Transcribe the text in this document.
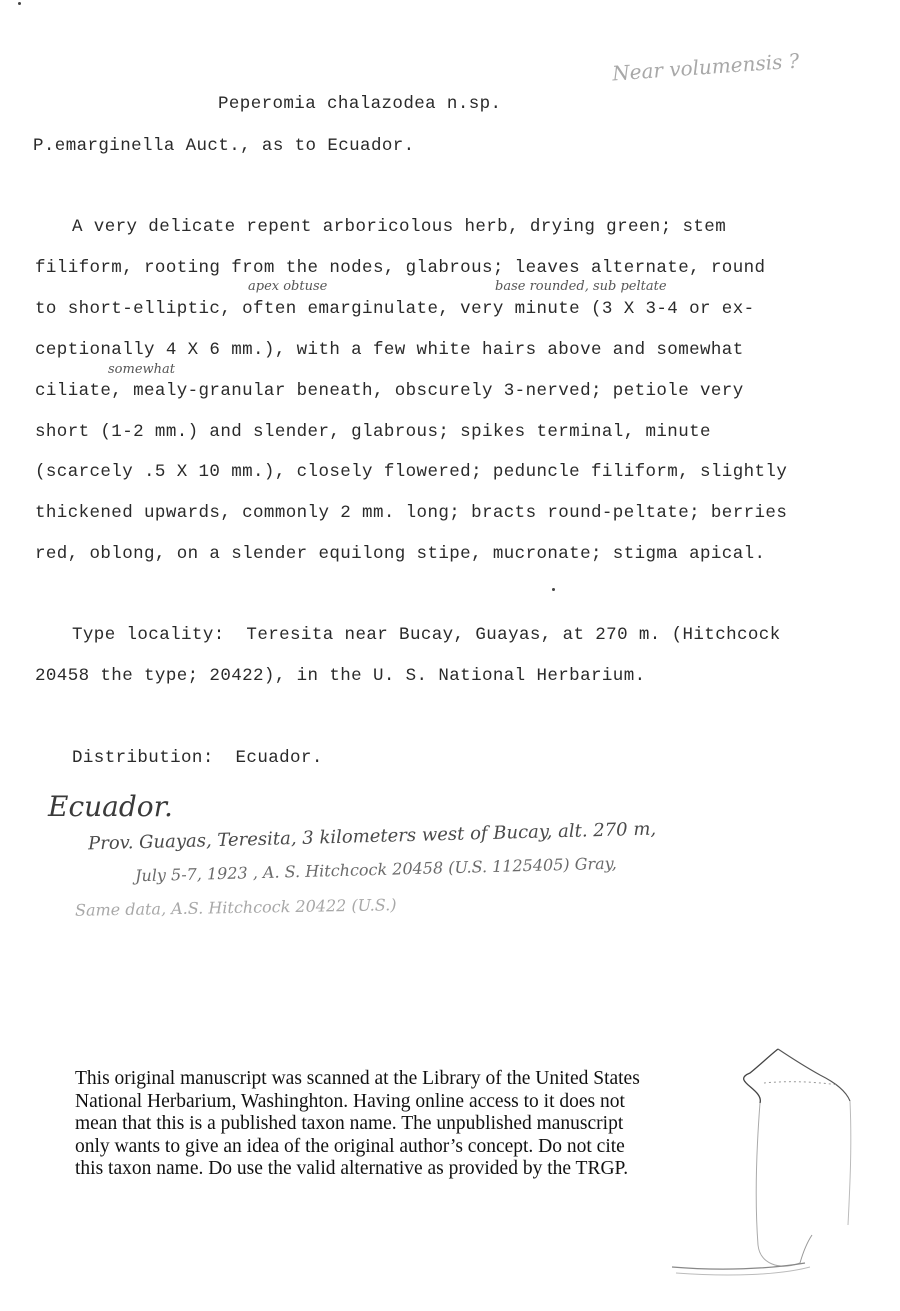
Near volumensis ?
Peperomia chalazodea n.sp.
P.emarginella Auct., as to Ecuador.
A very delicate repent arboricolous herb, drying green; stem
filiform, rooting from the nodes, glabrous; leaves alternate, round
apex obtuse	base rounded, sub peltate
to short-elliptic, often emarginulate, very minute (3 X 3-4 or ex-
ceptionally 4 X 6 mm.), with a few white hairs above and somewhat
somewhat
ciliate, mealy-granular beneath, obscurely 3-nerved; petiole very
short (1-2 mm.) and slender, glabrous; spikes terminal, minute
(scarcely .5 X 10 mm.), closely flowered; peduncle filiform, slightly
thickened upwards, commonly 2 mm. long; bracts round-peltate; berries
red, oblong, on a slender equilong stipe, mucronate; stigma apical.
Type locality:  Teresita near Bucay, Guayas, at 270 m. (Hitchcock
20458 the type; 20422), in the U. S. National Herbarium.
Distribution:  Ecuador.
Ecuador.
Prov. Guayas, Teresita, 3 kilometers west of Bucay, alt. 270 m,
July 5-7, 1923 , A. S. Hitchcock 20458 (U.S. 1125405) Gray,
Same data, A.S. Hitchcock 20422 (U.S.)
This original manuscript was scanned at the Library of the United States
National Herbarium, Washinghton. Having online access to it does not
mean that this is a published taxon name. The unpublished manuscript
only wants to give an idea of the original author’s concept. Do not cite
this taxon name. Do use the valid alternative as provided by the TRGP.
